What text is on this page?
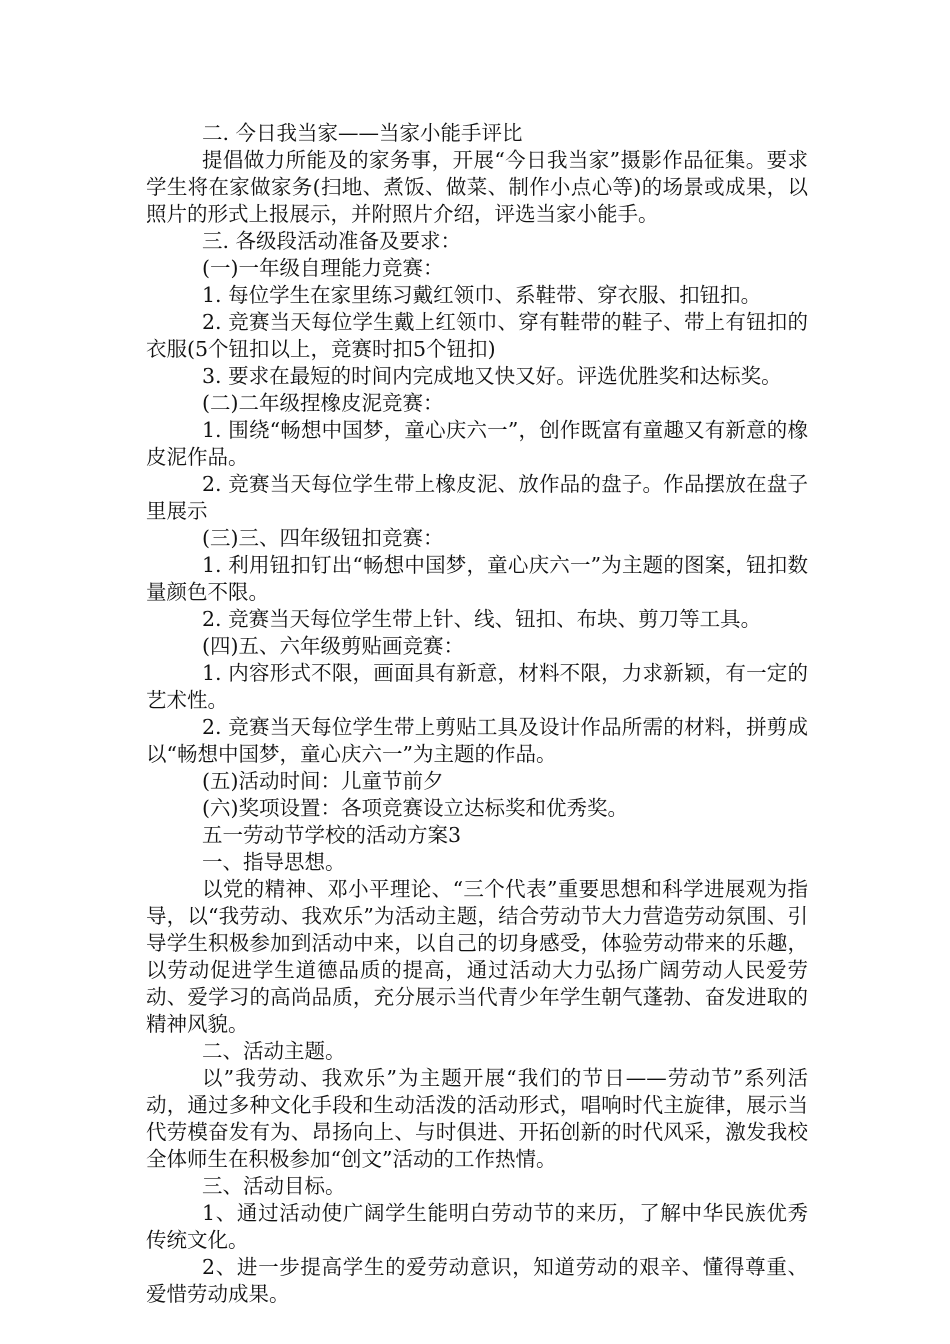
二. 今日我当家——当家小能手评比

提倡做力所能及的家务事，开展“今日我当家”摄影作品征集。要求学生将在家做家务(扫地、煮饭、做菜、制作小点心等)的场景或成果，以照片的形式上报展示，并附照片介绍，评选当家小能手。

三. 各级段活动准备及要求：

(一)一年级自理能力竞赛：

1. 每位学生在家里练习戴红领巾、系鞋带、穿衣服、扣钮扣。

2. 竞赛当天每位学生戴上红领巾、穿有鞋带的鞋子、带上有钮扣的衣服(5个钮扣以上，竞赛时扣5个钮扣)

3. 要求在最短的时间内完成地又快又好。评选优胜奖和达标奖。

(二)二年级捏橡皮泥竞赛：

1. 围绕“畅想中国梦，童心庆六一”，创作既富有童趣又有新意的橡皮泥作品。

2. 竞赛当天每位学生带上橡皮泥、放作品的盘子。作品摆放在盘子里展示

(三)三、四年级钮扣竞赛：

1. 利用钮扣钉出“畅想中国梦，童心庆六一”为主题的图案，钮扣数量颜色不限。

2. 竞赛当天每位学生带上针、线、钮扣、布块、剪刀等工具。

(四)五、六年级剪贴画竞赛：

1. 内容形式不限，画面具有新意，材料不限，力求新颖，有一定的艺术性。

2. 竞赛当天每位学生带上剪贴工具及设计作品所需的材料，拼剪成以“畅想中国梦，童心庆六一”为主题的作品。

(五)活动时间：儿童节前夕

(六)奖项设置：各项竞赛设立达标奖和优秀奖。

五一劳动节学校的活动方案3

一、指导思想。

以党的精神、邓小平理论、“三个代表”重要思想和科学进展观为指导，以“我劳动、我欢乐”为活动主题，结合劳动节大力营造劳动氛围、引导学生积极参加到活动中来，以自己的切身感受，体验劳动带来的乐趣，以劳动促进学生道德品质的提高，通过活动大力弘扬广阔劳动人民爱劳动、爱学习的高尚品质，充分展示当代青少年学生朝气蓬勃、奋发进取的精神风貌。

二、活动主题。

以”我劳动、我欢乐”为主题开展“我们的节日——劳动节”系列活动，通过多种文化手段和生动活泼的活动形式，唱响时代主旋律，展示当代劳模奋发有为、昂扬向上、与时俱进、开拓创新的时代风采，激发我校全体师生在积极参加“创文”活动的工作热情。

三、活动目标。

1、通过活动使广阔学生能明白劳动节的来历，了解中华民族优秀传统文化。

2、进一步提高学生的爱劳动意识，知道劳动的艰辛、懂得尊重、爱惜劳动成果。
